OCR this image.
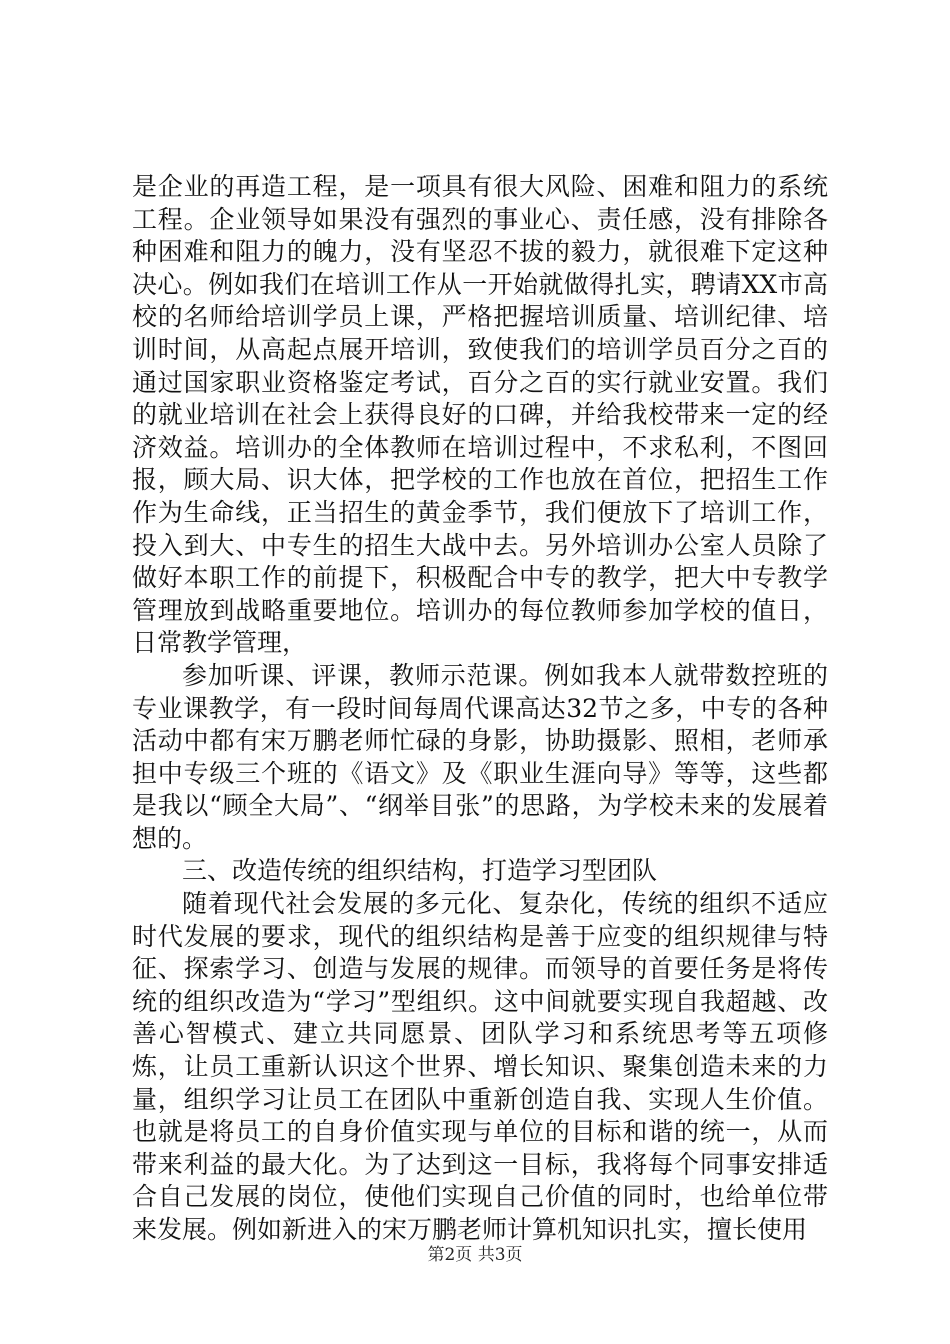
是企业的再造工程，是一项具有很大风险、困难和阻力的系统工程。企业领导如果没有强烈的事业心、责任感，没有排除各种困难和阻力的魄力，没有坚忍不拔的毅力，就很难下定这种决心。例如我们在培训工作从一开始就做得扎实，聘请XX市高校的名师给培训学员上课，严格把握培训质量、培训纪律、培训时间，从高起点展开培训，致使我们的培训学员百分之百的通过国家职业资格鉴定考试，百分之百的实行就业安置。我们的就业培训在社会上获得良好的口碑，并给我校带来一定的经济效益。培训办的全体教师在培训过程中，不求私利，不图回报，顾大局、识大体，把学校的工作也放在首位，把招生工作作为生命线，正当招生的黄金季节，我们便放下了培训工作，投入到大、中专生的招生大战中去。另外培训办公室人员除了做好本职工作的前提下，积极配合中专的教学，把大中专教学管理放到战略重要地位。培训办的每位教师参加学校的值日，日常教学管理，

参加听课、评课，教师示范课。例如我本人就带数控班的专业课教学，有一段时间每周代课高达32节之多，中专的各种活动中都有宋万鹏老师忙碌的身影，协助摄影、照相，老师承担中专级三个班的《语文》及《职业生涯向导》等等，这些都是我以“顾全大局”、“纲举目张”的思路，为学校未来的发展着想的。

三、改造传统的组织结构，打造学习型团队

随着现代社会发展的多元化、复杂化，传统的组织不适应时代发展的要求，现代的组织结构是善于应变的组织规律与特征、探索学习、创造与发展的规律。而领导的首要任务是将传统的组织改造为“学习”型组织。这中间就要实现自我超越、改善心智模式、建立共同愿景、团队学习和系统思考等五项修炼，让员工重新认识这个世界、增长知识、聚集创造未来的力量，组织学习让员工在团队中重新创造自我、实现人生价值。也就是将员工的自身价值实现与单位的目标和谐的统一，从而带来利益的最大化。为了达到这一目标，我将每个同事安排适合自己发展的岗位，使他们实现自己价值的同时，也给单位带来发展。例如新进入的宋万鹏老师计算机知识扎实，擅长使用

第2页 共3页
